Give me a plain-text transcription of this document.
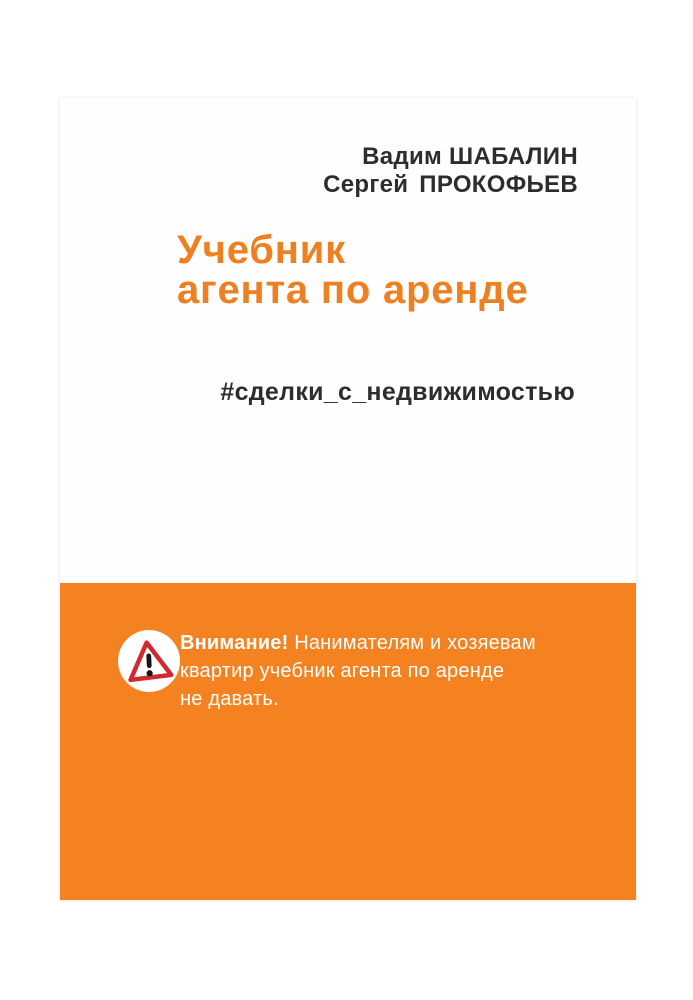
Вадим ШАБАЛИН
Сергей ПРОКОФЬЕВ
Учебник
агента по аренде
#сделки_с_недвижимостью
Внимание! Нанимателям и хозяевам
квартир учебник агента по аренде
не давать.
